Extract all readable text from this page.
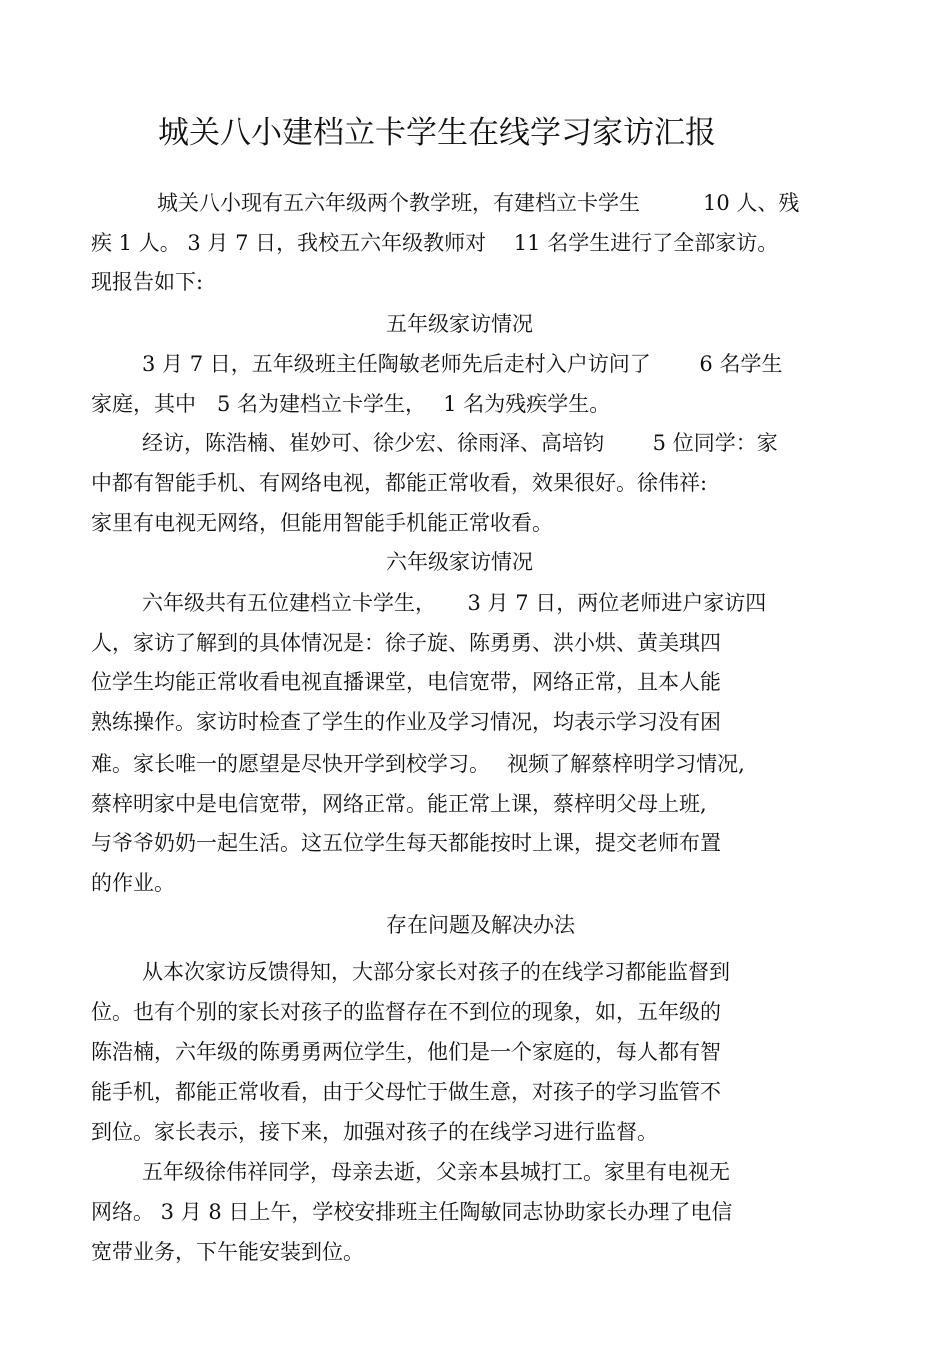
城关八小建档立卡学生在线学习家访汇报
城关八小现有五六年级两个教学班，有建档立卡学生　　　10 人、残
疾 1 人。 3 月 7 日，我校五六年级教师对　 11 名学生进行了全部家访。
现报告如下:
五年级家访情况
3 月 7 日，五年级班主任陶敏老师先后走村入户访问了　　 6 名学生
家庭，其中　5 名为建档立卡学生，　 1 名为残疾学生。
经访，陈浩楠、崔妙可、徐少宏、徐雨泽、高培钧　　 5 位同学：家
中都有智能手机、有网络电视，都能正常收看，效果很好。徐伟祥:
家里有电视无网络，但能用智能手机能正常收看。
六年级家访情况
六年级共有五位建档立卡学生，　　3 月 7 日，两位老师进户家访四
人，家访了解到的具体情况是：徐子旋、陈勇勇、洪小烘、黄美琪四
位学生均能正常收看电视直播课堂，电信宽带，网络正常，且本人能
熟练操作。家访时检查了学生的作业及学习情况，均表示学习没有困
难。家长唯一的愿望是尽快开学到校学习。　 视频了解蔡梓明学习情况,
蔡梓明家中是电信宽带，网络正常。能正常上课，蔡梓明父母上班,
与爷爷奶奶一起生活。这五位学生每天都能按时上课，提交老师布置
的作业。
存在问题及解决办法
从本次家访反馈得知，大部分家长对孩子的在线学习都能监督到
位。也有个别的家长对孩子的监督存在不到位的现象，如，五年级的
陈浩楠，六年级的陈勇勇两位学生，他们是一个家庭的，每人都有智
能手机，都能正常收看，由于父母忙于做生意，对孩子的学习监管不
到位。家长表示，接下来，加强对孩子的在线学习进行监督。
五年级徐伟祥同学，母亲去逝，父亲本县城打工。家里有电视无
网络。 3 月 8 日上午，学校安排班主任陶敏同志协助家长办理了电信
宽带业务，下午能安装到位。
